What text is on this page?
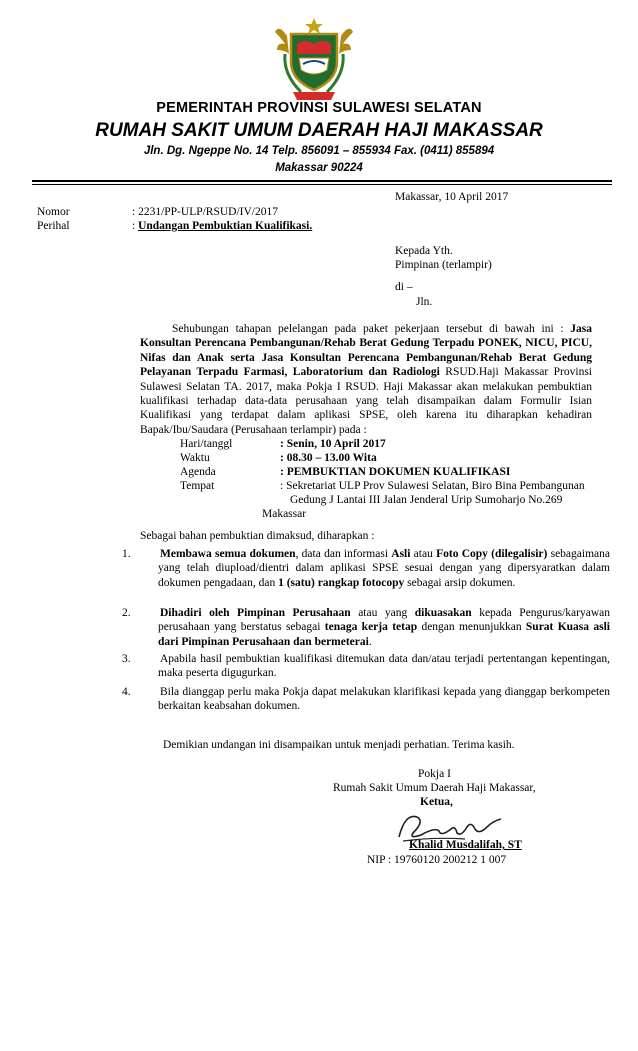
PEMERINTAH PROVINSI SULAWESI SELATAN
RUMAH SAKIT UMUM DAERAH HAJI MAKASSAR
Jln. Dg. Ngeppe No. 14 Telp. 856091 – 855934 Fax. (0411) 855894
Makassar 90224
Makassar, 10 April 2017
Nomor	: 2231/PP-ULP/RSUD/IV/2017
Perihal	: Undangan Pembuktian Kualifikasi.
Kepada Yth.
Pimpinan (terlampir)
di –
Jln.
Sehubungan tahapan pelelangan pada paket pekerjaan tersebut di bawah ini : Jasa Konsultan Perencana Pembangunan/Rehab Berat Gedung Terpadu PONEK, NICU, PICU, Nifas dan Anak serta Jasa Konsultan Perencana Pembangunan/Rehab Berat Gedung Pelayanan Terpadu Farmasi, Laboratorium dan Radiologi RSUD.Haji Makassar Provinsi Sulawesi Selatan TA. 2017, maka Pokja I RSUD. Haji Makassar akan melakukan pembuktian kualifikasi terhadap data-data perusahaan yang telah disampaikan dalam Formulir Isian Kualifikasi yang terdapat dalam aplikasi SPSE, oleh karena itu diharapkan kehadiran Bapak/Ibu/Saudara (Perusahaan terlampir) pada :
Hari/tanggl	: Senin, 10 April 2017
Waktu	: 08.30 – 13.00 Wita
Agenda	: PEMBUKTIAN DOKUMEN KUALIFIKASI
Tempat	: Sekretariat ULP Prov Sulawesi Selatan, Biro Bina Pembangunan
Gedung J Lantai III Jalan Jenderal Urip Sumoharjo No.269
Makassar
Sebagai bahan pembuktian dimaksud, diharapkan :
1.	Membawa semua dokumen, data dan informasi Asli atau Foto Copy (dilegalisir) sebagaimana yang telah diupload/dientri dalam aplikasi SPSE sesuai dengan yang dipersyaratkan dalam dokumen pengadaan, dan 1 (satu) rangkap fotocopy sebagai arsip dokumen.
2.	Dihadiri oleh Pimpinan Perusahaan atau yang dikuasakan kepada Pengurus/karyawan perusahaan yang berstatus sebagai tenaga kerja tetap dengan menunjukkan Surat Kuasa asli dari Pimpinan Perusahaan dan bermeterai.
3.	Apabila hasil pembuktian kualifikasi ditemukan data dan/atau terjadi pertentangan kepentingan, maka peserta digugurkan.
4.	Bila dianggap perlu maka Pokja dapat melakukan klarifikasi kepada yang dianggap berkompeten berkaitan keabsahan dokumen.
Demikian undangan ini disampaikan untuk menjadi perhatian. Terima kasih.
Pokja I
Rumah Sakit Umum Daerah Haji Makassar,
Ketua,
Khalid Musdalifah, ST
NIP : 19760120 200212 1 007
